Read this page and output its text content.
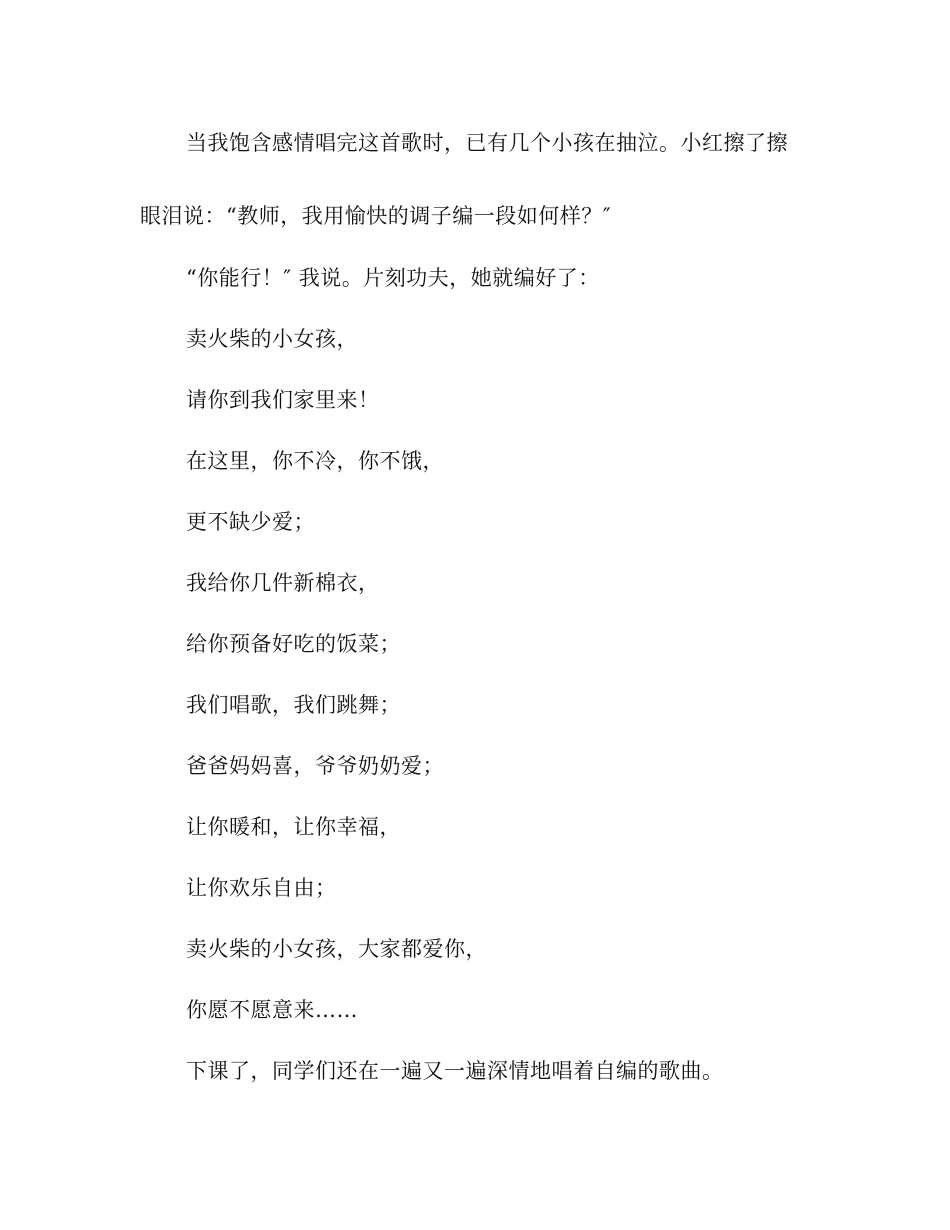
当我饱含感情唱完这首歌时，已有几个小孩在抽泣。小红擦了擦
眼泪说：“教师，我用愉快的调子编一段如何样？″
“你能行！″ 我说。片刻功夫，她就编好了：
卖火柴的小女孩，
请你到我们家里来！
在这里，你不冷，你不饿，
更不缺少爱；
我给你几件新棉衣，
给你预备好吃的饭菜；
我们唱歌，我们跳舞；
爸爸妈妈喜，爷爷奶奶爱；
让你暖和，让你幸福，
让你欢乐自由；
卖火柴的小女孩，大家都爱你，
你愿不愿意来……
下课了，同学们还在一遍又一遍深情地唱着自编的歌曲。
